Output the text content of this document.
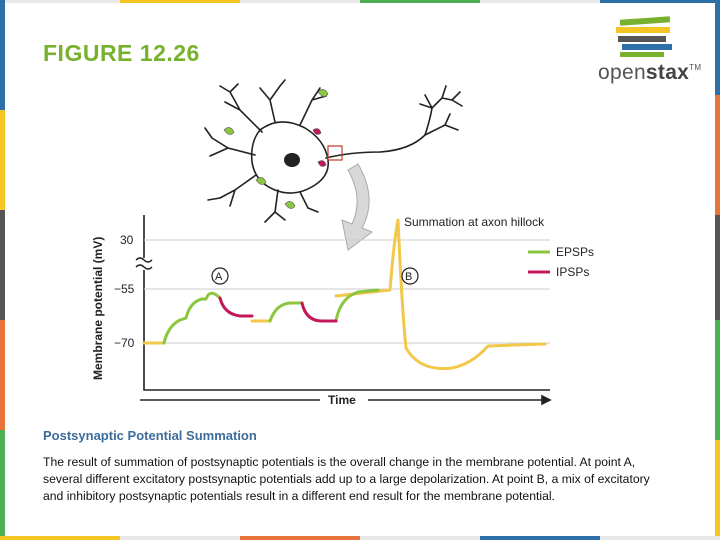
FIGURE 12.26
openstax™
30
−55
−70
Membrane potential (mV)
Time
A	B
Summation at axon hillock
EPSPs
IPSPs
Postsynaptic Potential Summation

The result of summation of postsynaptic potentials is the overall change in the membrane potential. At point A, several different excitatory postsynaptic potentials add up to a large depolarization. At point B, a mix of excitatory and inhibitory postsynaptic potentials result in a different end result for the membrane potential.
